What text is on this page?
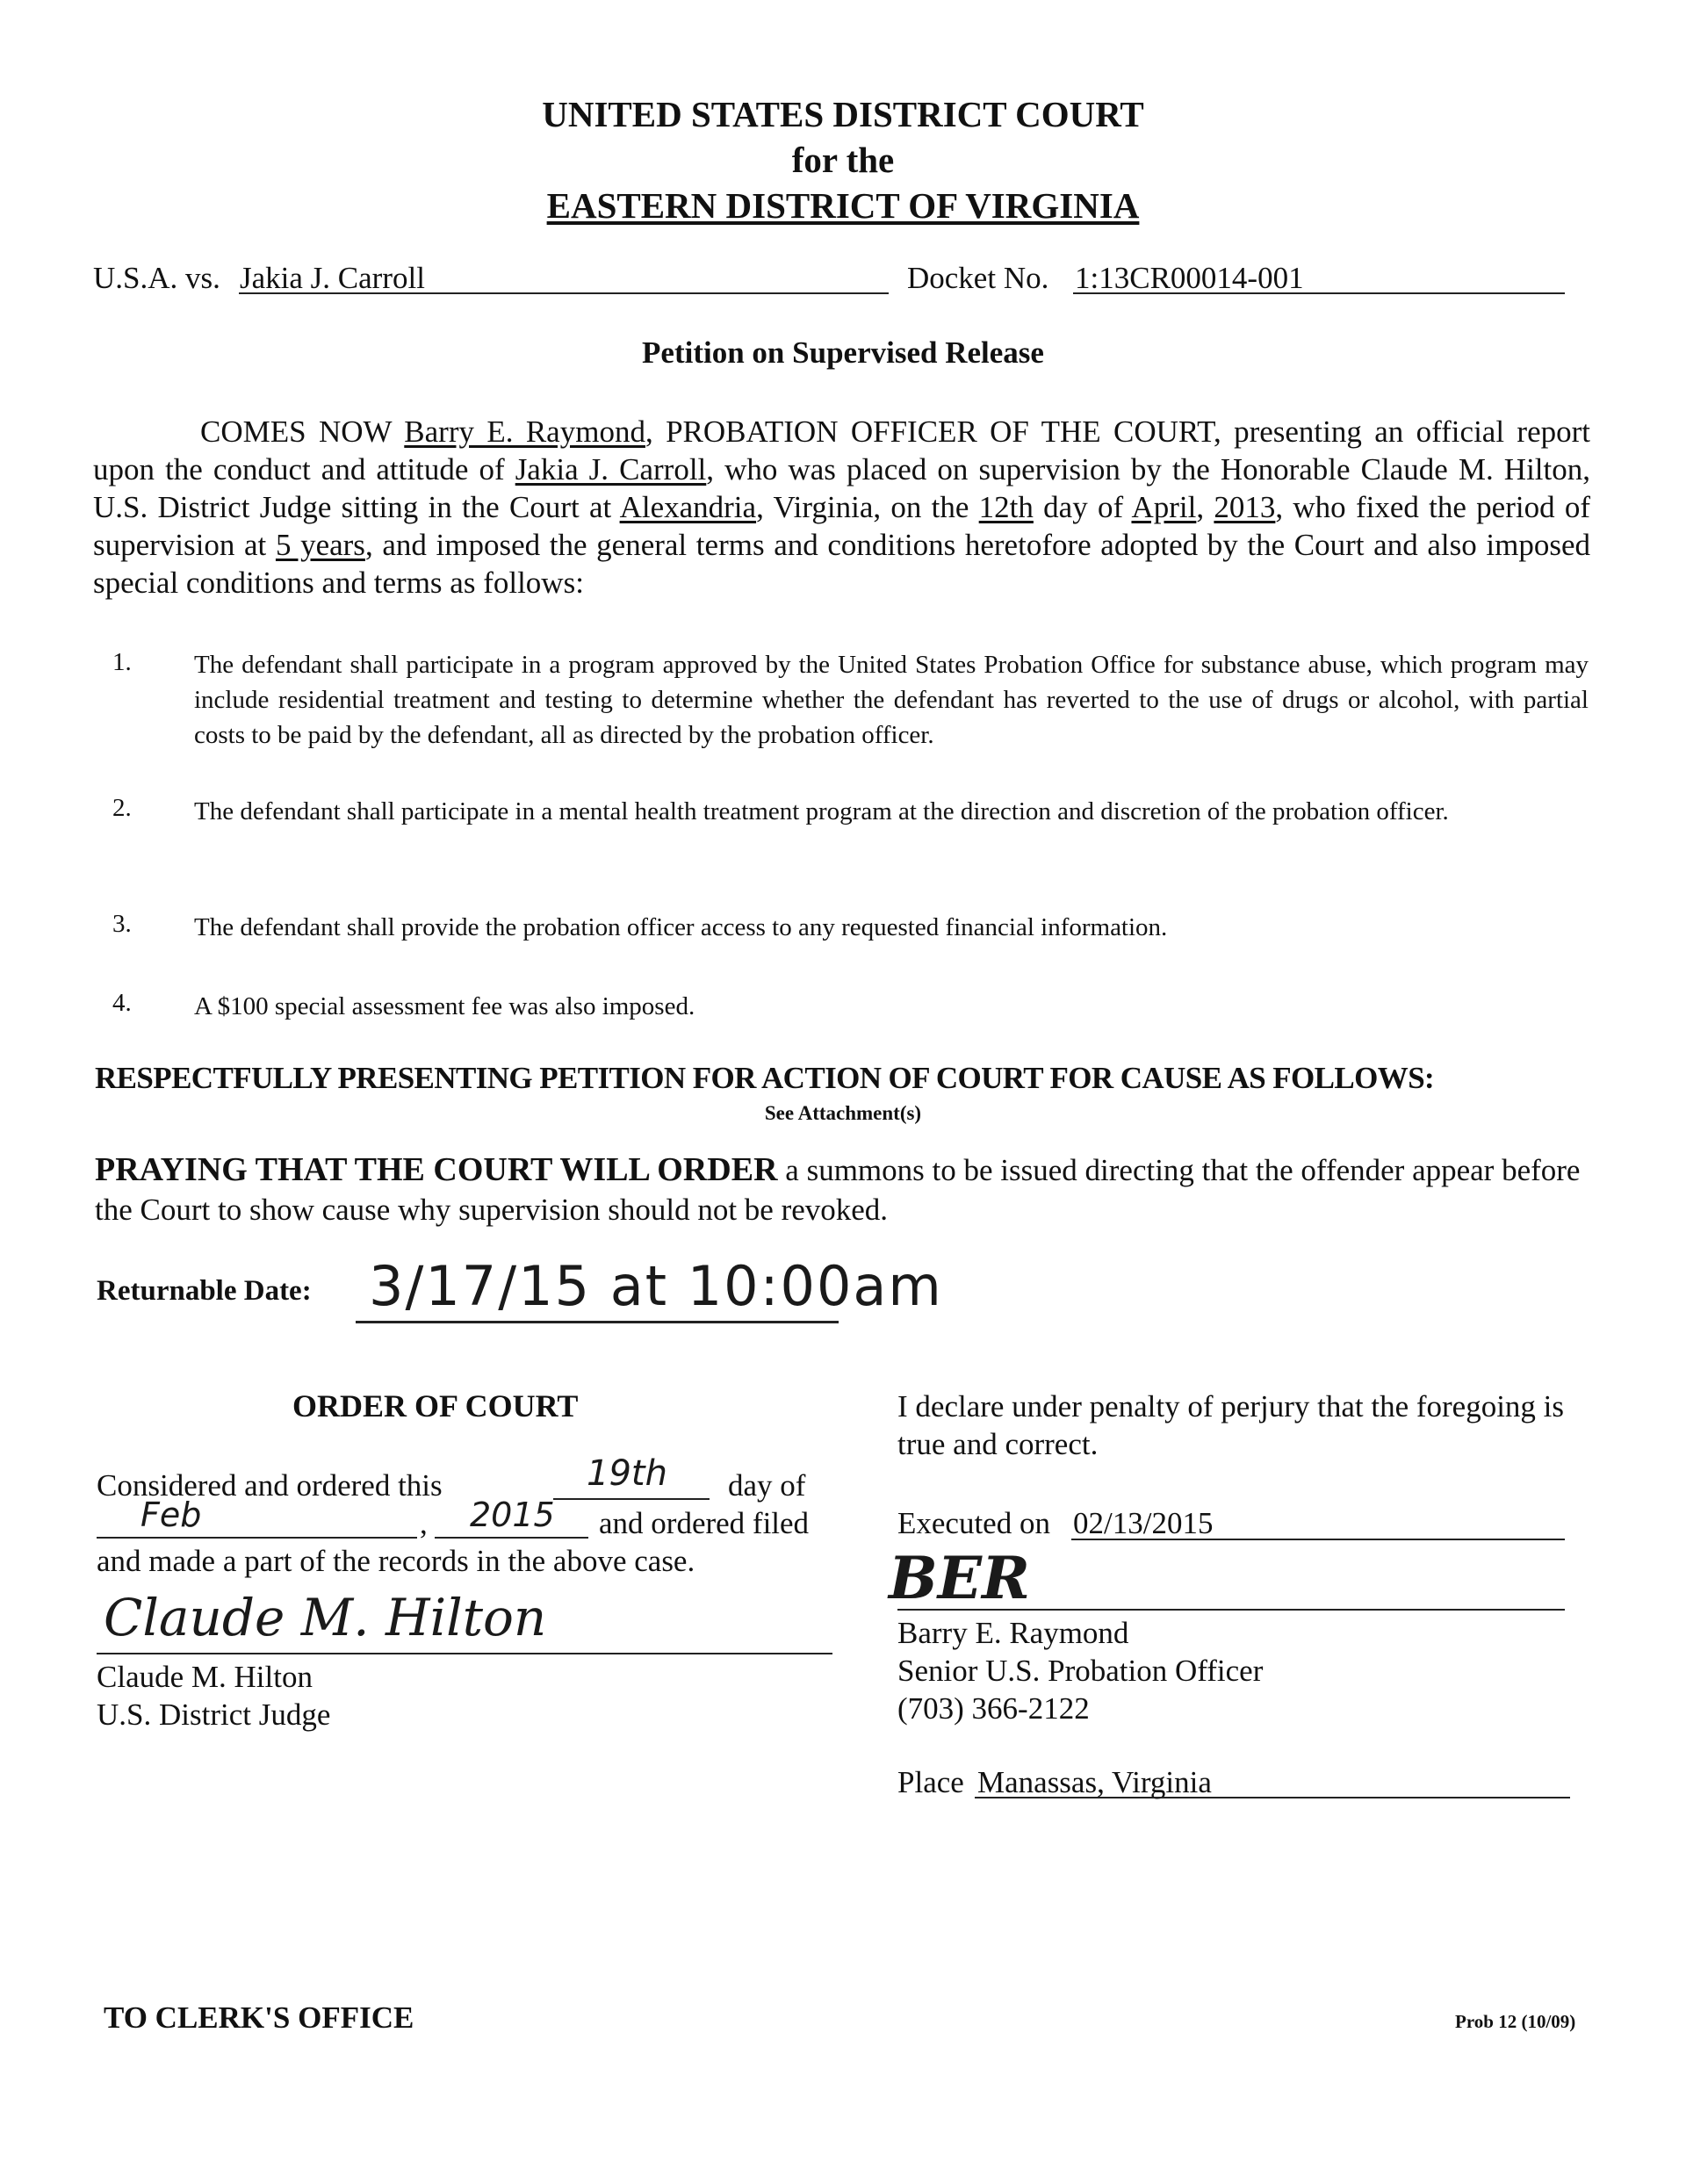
UNITED STATES DISTRICT COURT
for the
EASTERN DISTRICT OF VIRGINIA
U.S.A. vs. Jakia J. Carroll	Docket No. 1:13CR00014-001
Petition on Supervised Release
COMES NOW Barry E. Raymond, PROBATION OFFICER OF THE COURT, presenting an official report upon the conduct and attitude of Jakia J. Carroll, who was placed on supervision by the Honorable Claude M. Hilton, U.S. District Judge sitting in the Court at Alexandria, Virginia, on the 12th day of April, 2013, who fixed the period of supervision at 5 years, and imposed the general terms and conditions heretofore adopted by the Court and also imposed special conditions and terms as follows:
1. The defendant shall participate in a program approved by the United States Probation Office for substance abuse, which program may include residential treatment and testing to determine whether the defendant has reverted to the use of drugs or alcohol, with partial costs to be paid by the defendant, all as directed by the probation officer.
2. The defendant shall participate in a mental health treatment program at the direction and discretion of the probation officer.
3. The defendant shall provide the probation officer access to any requested financial information.
4. A $100 special assessment fee was also imposed.
RESPECTFULLY PRESENTING PETITION FOR ACTION OF COURT FOR CAUSE AS FOLLOWS:
See Attachment(s)
PRAYING THAT THE COURT WILL ORDER a summons to be issued directing that the offender appear before the Court to show cause why supervision should not be revoked.
Returnable Date: 3/17/15 at 10:00am
ORDER OF COURT
Considered and ordered this	19th day of
Feb	, 2015 and ordered filed
and made a part of the records in the above case.
Claude M. Hilton
Claude M. Hilton
U.S. District Judge
I declare under penalty of perjury that the foregoing is true and correct.
Executed on 02/13/2015
BER
Barry E. Raymond
Senior U.S. Probation Officer
(703) 366-2122
Place Manassas, Virginia
TO CLERK'S OFFICE	Prob 12 (10/09)
